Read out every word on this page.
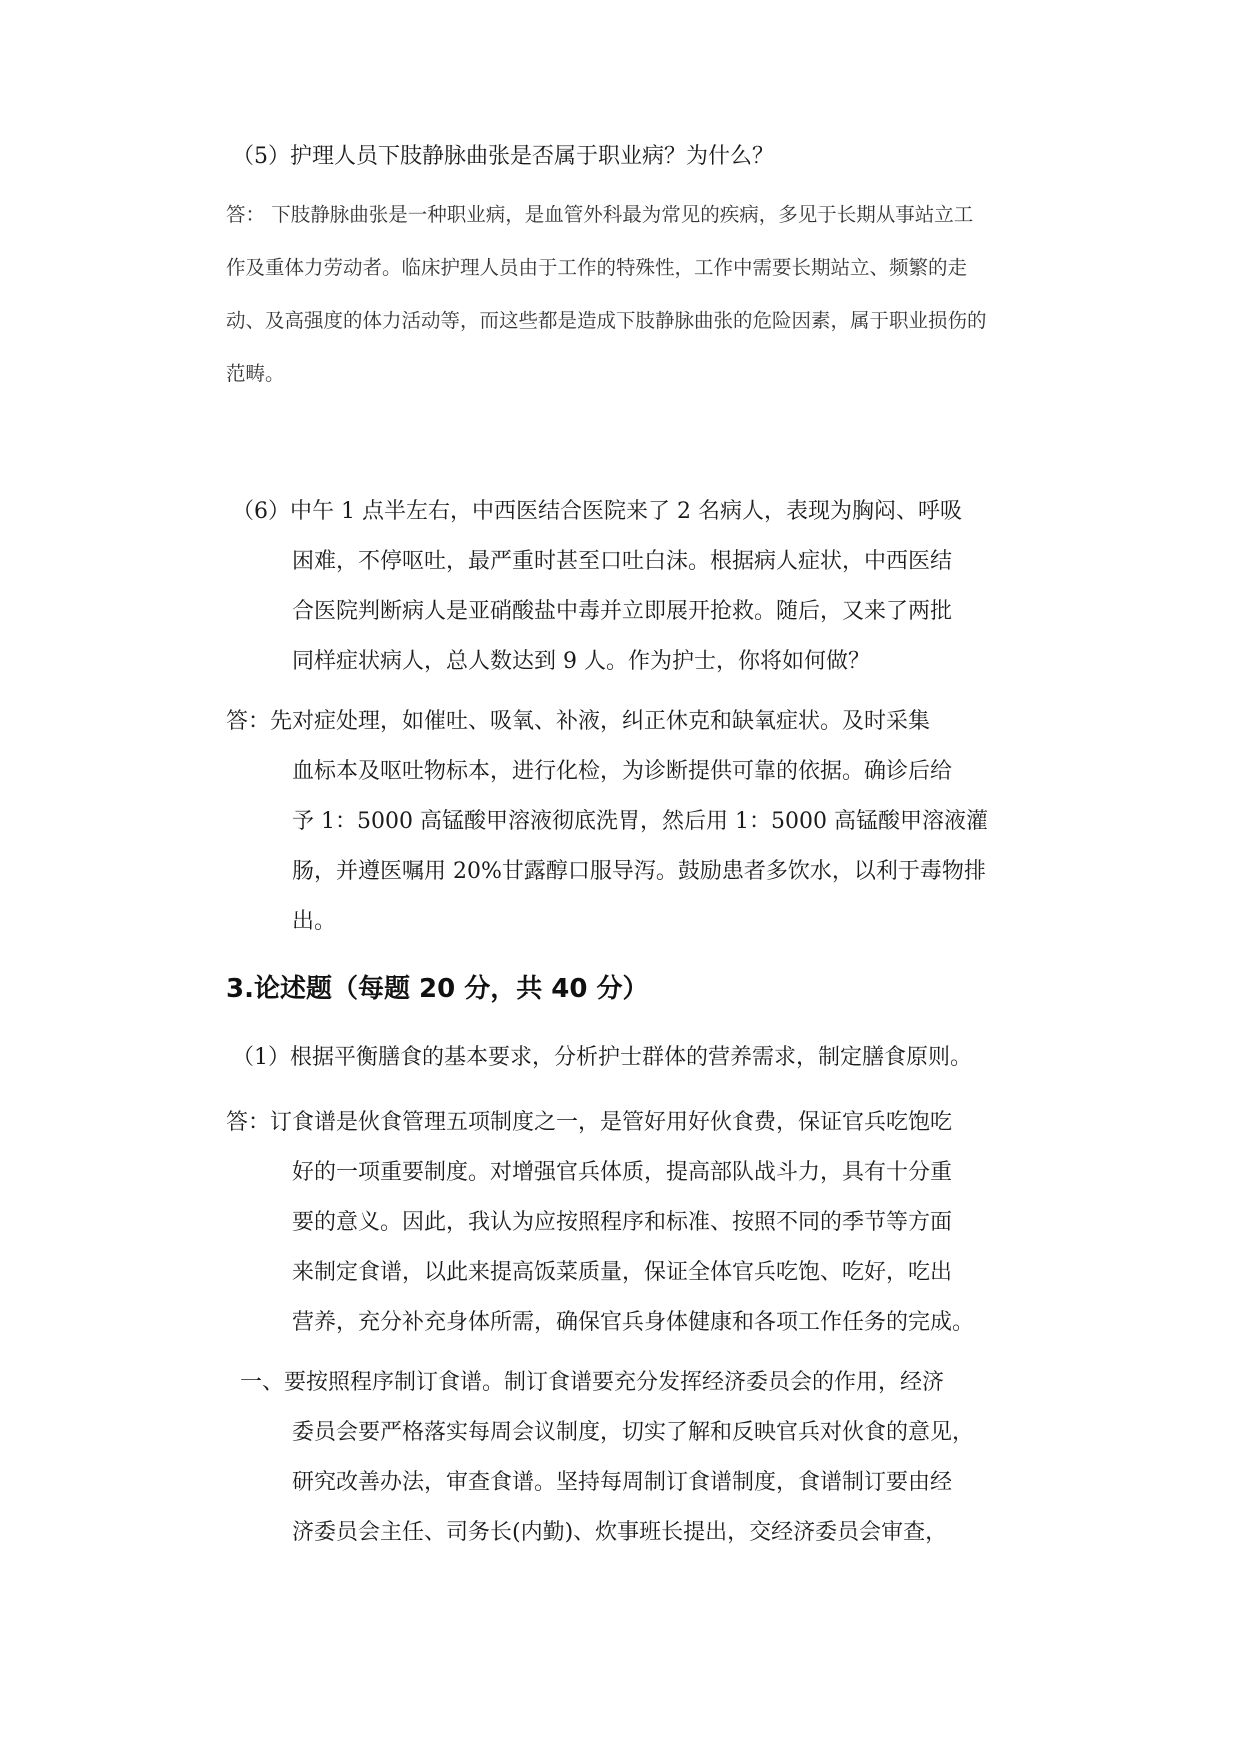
（5）护理人员下肢静脉曲张是否属于职业病？为什么？
答： 下肢静脉曲张是一种职业病，是血管外科最为常见的疾病，多见于长期从事站立工
作及重体力劳动者。临床护理人员由于工作的特殊性，工作中需要长期站立、频繁的走
动、及高强度的体力活动等，而这些都是造成下肢静脉曲张的危险因素，属于职业损伤的
范畴。
（6）中午 1 点半左右，中西医结合医院来了 2 名病人，表现为胸闷、呼吸
困难，不停呕吐，最严重时甚至口吐白沫。根据病人症状，中西医结
合医院判断病人是亚硝酸盐中毒并立即展开抢救。随后，又来了两批
同样症状病人，总人数达到 9 人。作为护士，你将如何做？
答：先对症处理，如催吐、吸氧、补液，纠正休克和缺氧症状。及时采集
血标本及呕吐物标本，进行化检，为诊断提供可靠的依据。确诊后给
予 1：5000 高锰酸甲溶液彻底洗胃，然后用 1：5000 高锰酸甲溶液灌
肠，并遵医嘱用 20%甘露醇口服导泻。鼓励患者多饮水，以利于毒物排
出。
3.论述题（每题 20 分，共 40 分）
（1）根据平衡膳食的基本要求，分析护士群体的营养需求，制定膳食原则。
答：订食谱是伙食管理五项制度之一，是管好用好伙食费，保证官兵吃饱吃
好的一项重要制度。对增强官兵体质，提高部队战斗力，具有十分重
要的意义。因此，我认为应按照程序和标准、按照不同的季节等方面
来制定食谱，以此来提高饭菜质量，保证全体官兵吃饱、吃好，吃出
营养，充分补充身体所需，确保官兵身体健康和各项工作任务的完成。
一、要按照程序制订食谱。制订食谱要充分发挥经济委员会的作用，经济
委员会要严格落实每周会议制度，切实了解和反映官兵对伙食的意见，
研究改善办法，审查食谱。坚持每周制订食谱制度，食谱制订要由经
济委员会主任、司务长(内勤)、炊事班长提出，交经济委员会审查，
